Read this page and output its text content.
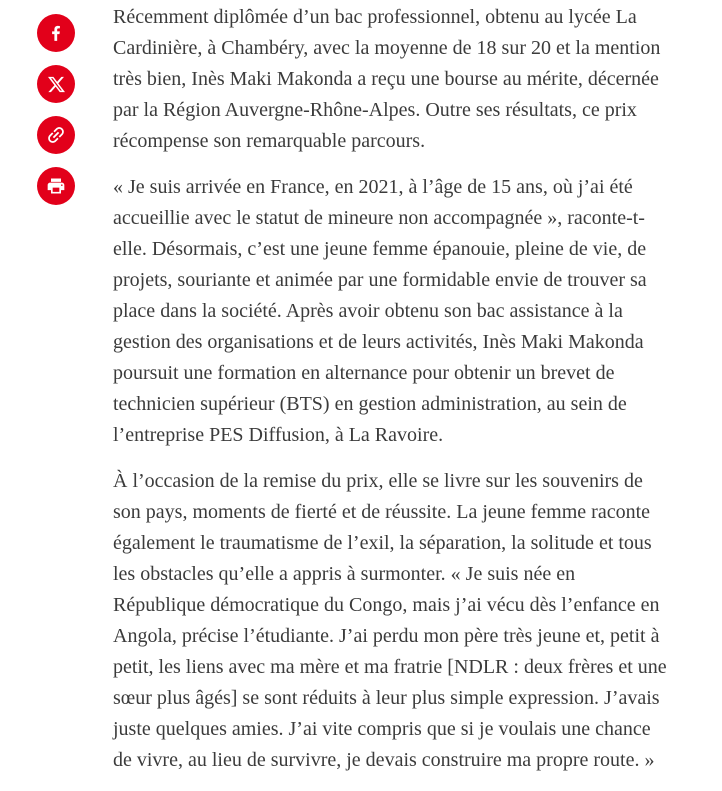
Récemment diplômée d’un bac professionnel, obtenu au lycée La Cardinière, à Chambéry, avec la moyenne de 18 sur 20 et la mention très bien, Inès Maki Makonda a reçu une bourse au mérite, décernée par la Région Auvergne-Rhône-Alpes. Outre ses résultats, ce prix récompense son remarquable parcours.

« Je suis arrivée en France, en 2021, à l’âge de 15 ans, où j’ai été accueillie avec le statut de mineure non accompagnée », raconte-t-elle. Désormais, c’est une jeune femme épanouie, pleine de vie, de projets, souriante et animée par une formidable envie de trouver sa place dans la société. Après avoir obtenu son bac assistance à la gestion des organisations et de leurs activités, Inès Maki Makonda poursuit une formation en alternance pour obtenir un brevet de technicien supérieur (BTS) en gestion administration, au sein de l’entreprise PES Diffusion, à La Ravoire.

À l’occasion de la remise du prix, elle se livre sur les souvenirs de son pays, moments de fierté et de réussite. La jeune femme raconte également le traumatisme de l’exil, la séparation, la solitude et tous les obstacles qu’elle a appris à surmonter. « Je suis née en République démocratique du Congo, mais j’ai vécu dès l’enfance en Angola, précise l’étudiante. J’ai perdu mon père très jeune et, petit à petit, les liens avec ma mère et ma fratrie [NDLR : deux frères et une sœur plus âgés] se sont réduits à leur plus simple expression. J’avais juste quelques amies. J’ai vite compris que si je voulais une chance de vivre, au lieu de survivre, je devais construire ma propre route. »
